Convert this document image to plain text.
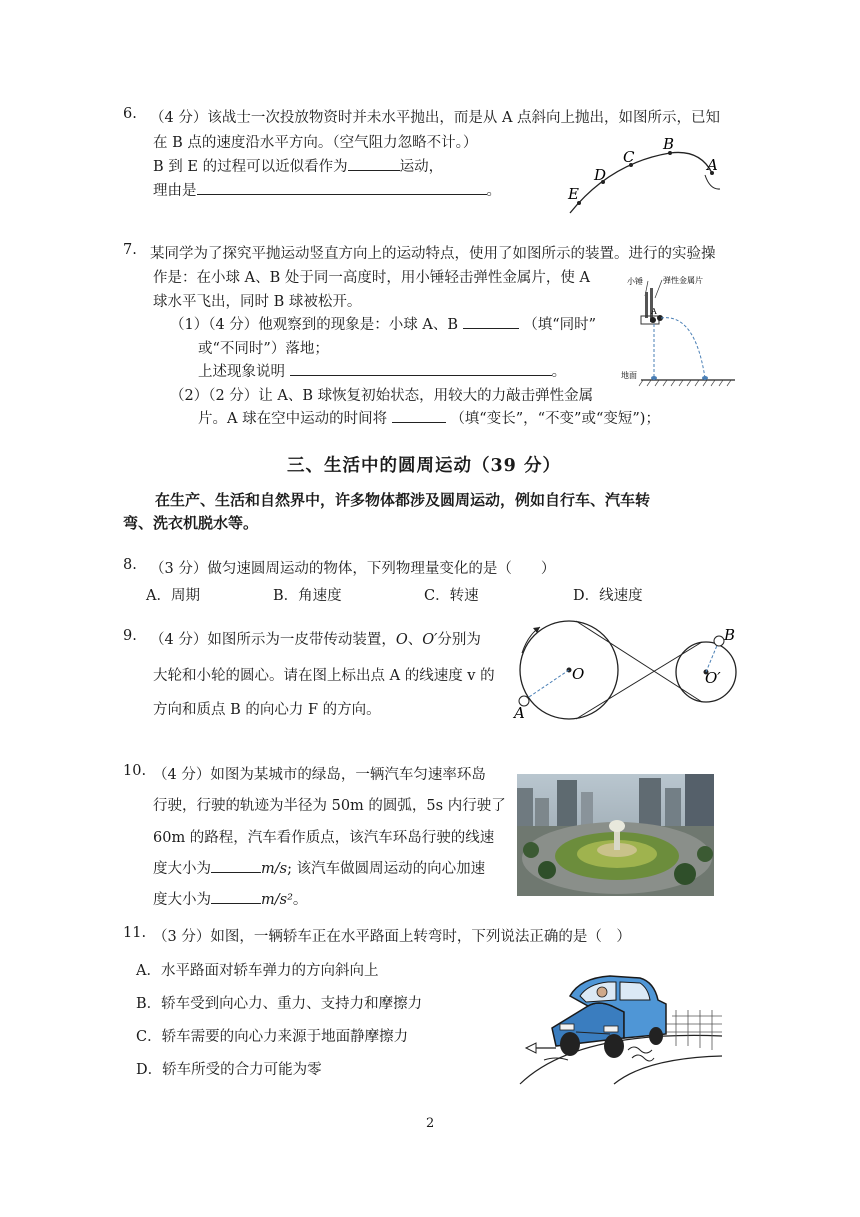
6. （4 分）该战士一次投放物资时并未水平抛出，而是从 A 点斜向上抛出，如图所示，已知
在 B 点的速度沿水平方向。（空气阻力忽略不计。）
B 到 E 的过程可以近似看作为	运动，
理由是	。
A
B
C
D
E
7. 某同学为了探究平抛运动竖直方向上的运动特点，使用了如图所示的装置。进行的实验操
作是：在小球 A、B 处于同一高度时，用小锤轻击弹性金属片，使 A
球水平飞出，同时 B 球被松开。
（1）（4 分）他观察到的现象是：小球 A、B	（填“同时”
或“不同时”）落地；
上述现象说明	。
（2）（2 分）让 A、B 球恢复初始状态，用较大的力敲击弹性金属
片。A 球在空中运动的时间将	（填“变长”，“不变”或“变短”)；
小锤	弹性金属片
A
地面
三、生活中的圆周运动（39 分）
在生产、生活和自然界中，许多物体都涉及圆周运动，例如自行车、汽车转
弯、洗衣机脱水等。
8. （3 分）做匀速圆周运动的物体，下列物理量变化的是（　　）
A．周期	B．角速度	C．转速	D．线速度
9. （4 分）如图所示为一皮带传动装置，O、O′分别为
大轮和小轮的圆心。请在图上标出点 A 的线速度 v 的
方向和质点 B 的向心力 F 的方向。
O	O′
A
B
10. （4 分）如图为某城市的绿岛，一辆汽车匀速率环岛
行驶，行驶的轨迹为半径为 50m 的圆弧，5s 内行驶了
60m 的路程，汽车看作质点，该汽车环岛行驶的线速
度大小为	m/s; 该汽车做圆周运动的向心加速
度大小为	m/s²。
11. （3 分）如图，一辆轿车正在水平路面上转弯时，下列说法正确的是（　）
A．水平路面对轿车弹力的方向斜向上
B．轿车受到向心力、重力、支持力和摩擦力
C．轿车需要的向心力来源于地面静摩擦力
D．轿车所受的合力可能为零
2
